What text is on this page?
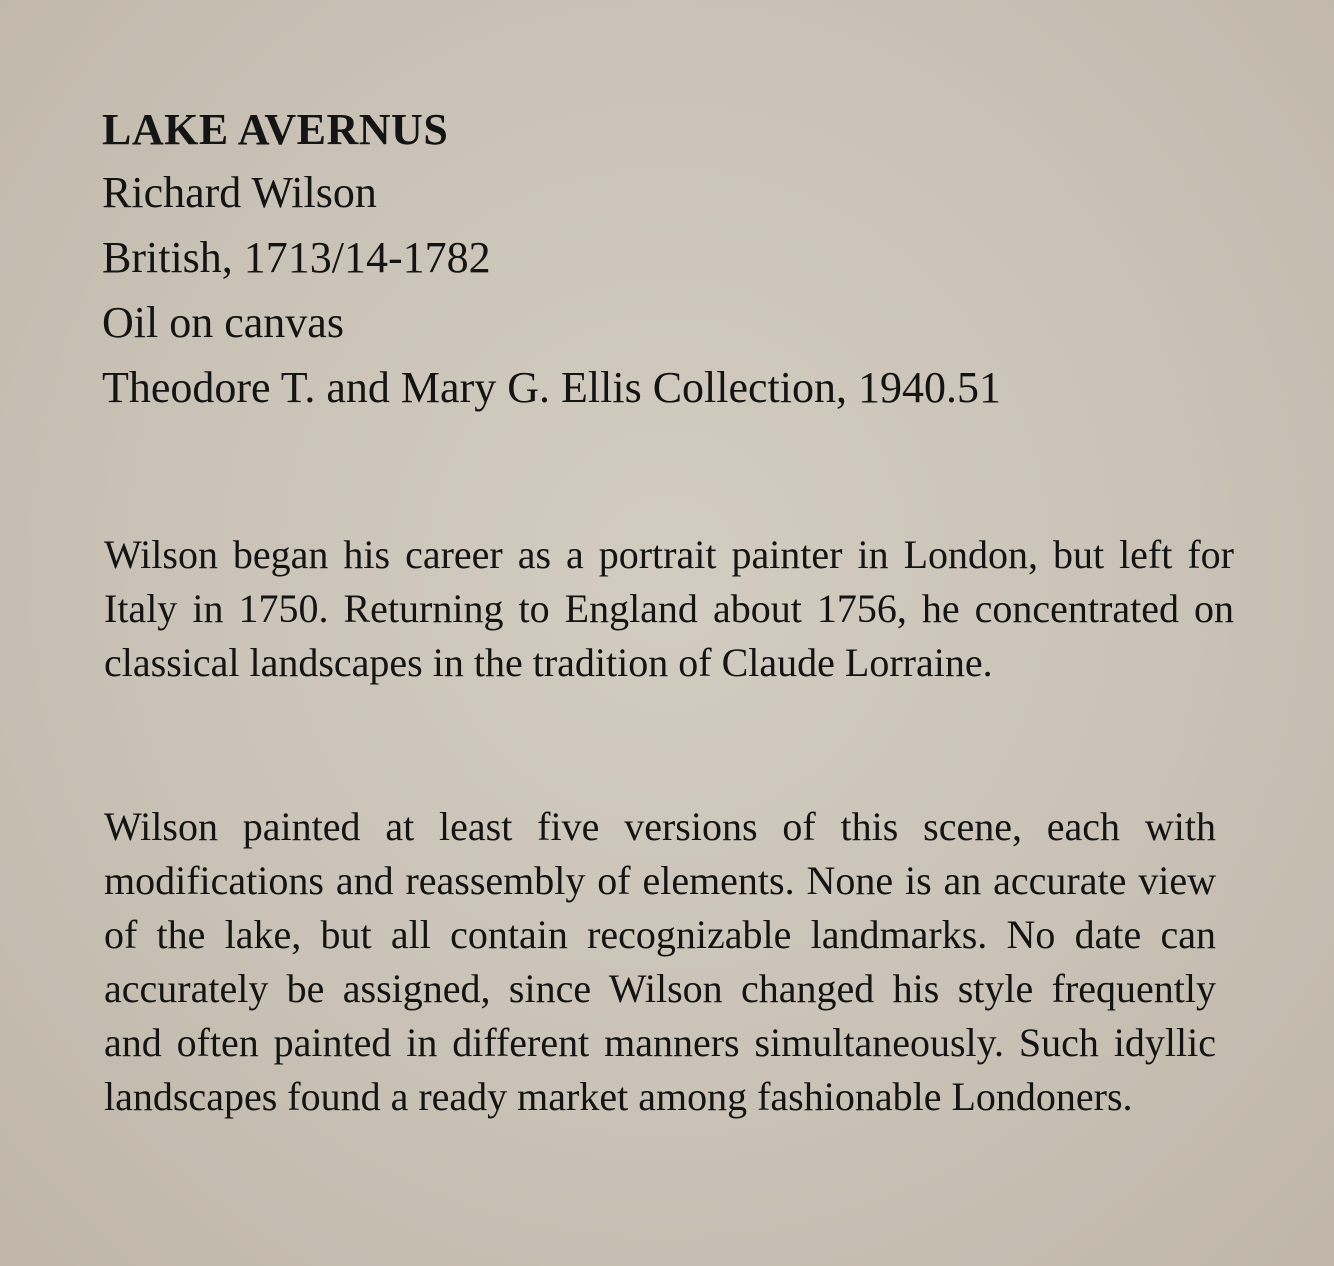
LAKE AVERNUS
Richard Wilson
British, 1713/14-1782
Oil on canvas
Theodore T. and Mary G. Ellis Collection, 1940.51

Wilson began his career as a portrait painter in London, but left for Italy in 1750. Returning to England about 1756, he concentrated on classical landscapes in the tradition of Claude Lorraine.

Wilson painted at least five versions of this scene, each with modifications and reassembly of elements. None is an accurate view of the lake, but all contain recognizable landmarks. No date can accurately be assigned, since Wilson changed his style frequently and often painted in different manners simultaneously. Such idyllic landscapes found a ready market among fashionable Londoners.
